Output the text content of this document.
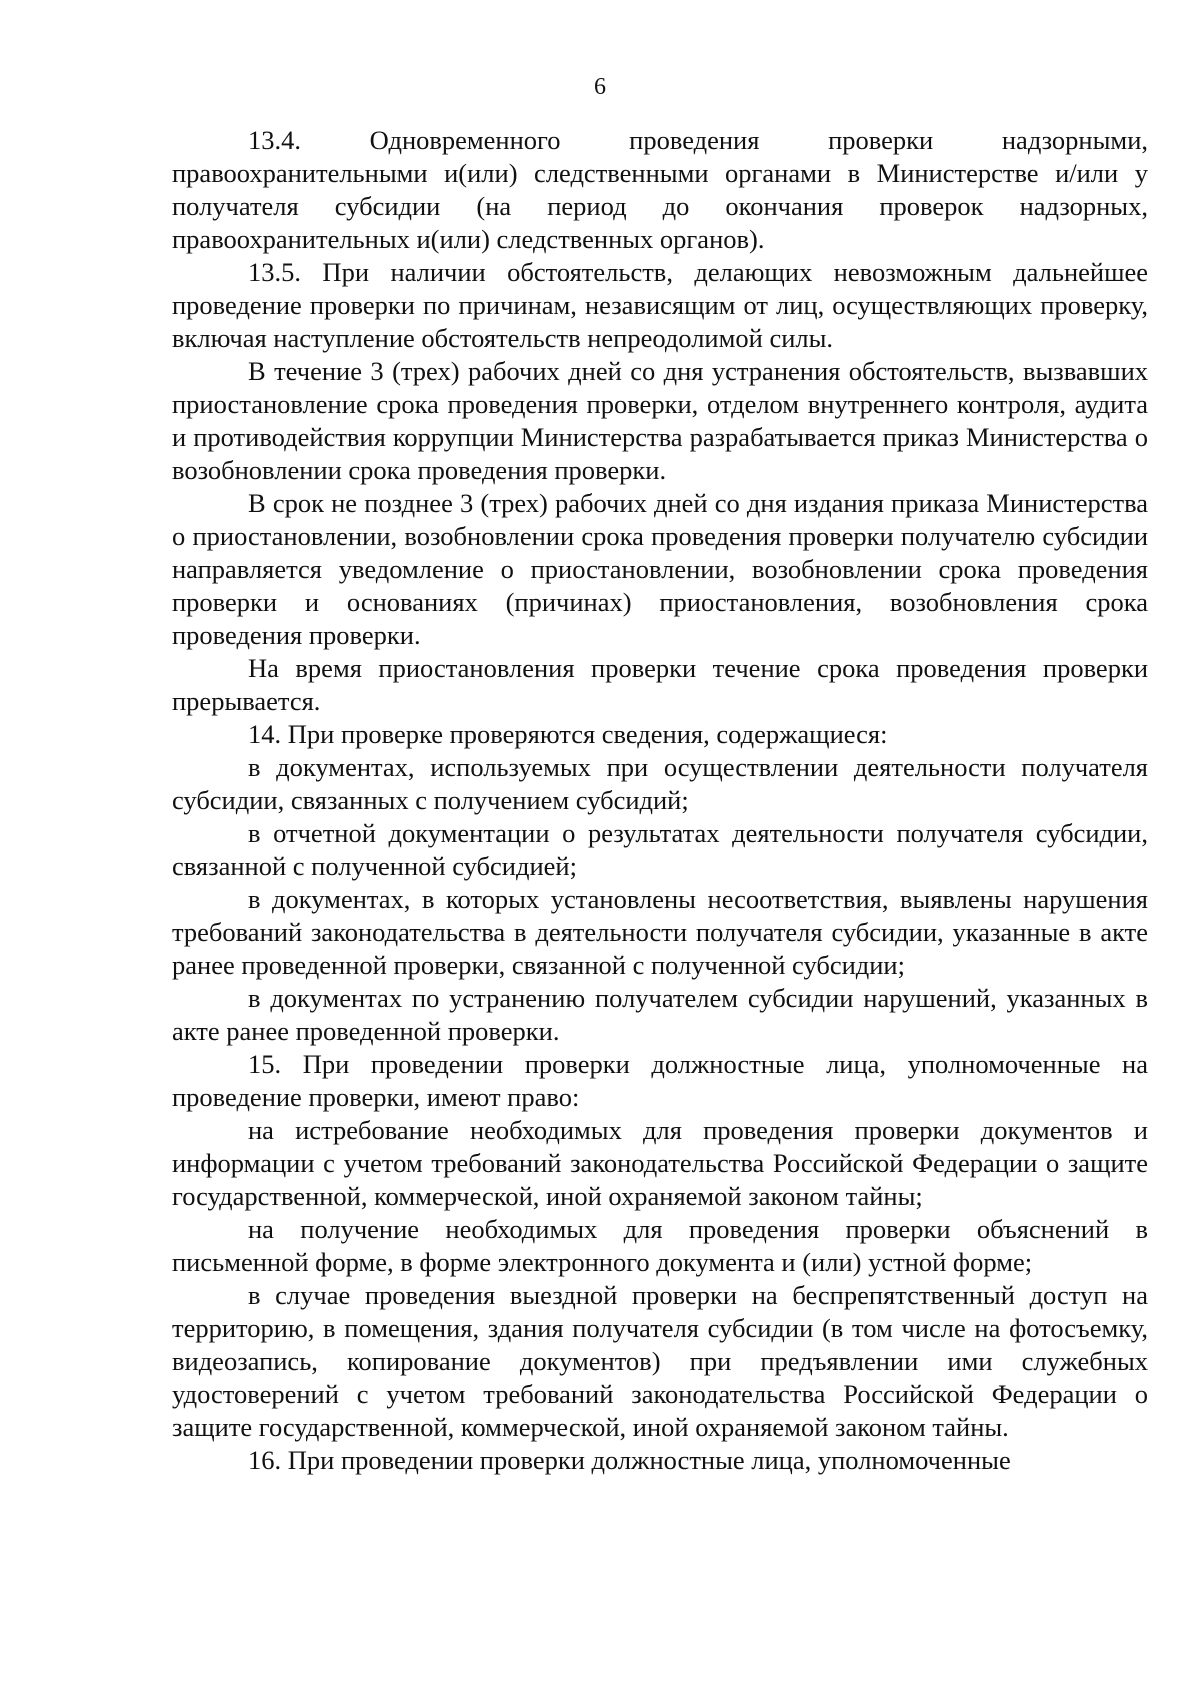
6

13.4. Одновременного проведения проверки надзорными, правоохранительными и(или) следственными органами в Министерстве и/или у получателя субсидии (на период до окончания проверок надзорных, правоохранительных и(или) следственных органов).

13.5. При наличии обстоятельств, делающих невозможным дальнейшее проведение проверки по причинам, независящим от лиц, осуществляющих проверку, включая наступление обстоятельств непреодолимой силы.

В течение 3 (трех) рабочих дней со дня устранения обстоятельств, вызвавших приостановление срока проведения проверки, отделом внутреннего контроля, аудита и противодействия коррупции Министерства разрабатывается приказ Министерства о возобновлении срока проведения проверки.

В срок не позднее 3 (трех) рабочих дней со дня издания приказа Министерства о приостановлении, возобновлении срока проведения проверки получателю субсидии направляется уведомление о приостановлении, возобновлении срока проведения проверки и основаниях (причинах) приостановления, возобновления срока проведения проверки.

На время приостановления проверки течение срока проведения проверки прерывается.

14. При проверке проверяются сведения, содержащиеся:

в документах, используемых при осуществлении деятельности получателя субсидии, связанных с получением субсидий;

в отчетной документации о результатах деятельности получателя субсидии, связанной с полученной субсидией;

в документах, в которых установлены несоответствия, выявлены нарушения требований законодательства в деятельности получателя субсидии, указанные в акте ранее проведенной проверки, связанной с полученной субсидии;

в документах по устранению получателем субсидии нарушений, указанных в акте ранее проведенной проверки.

15. При проведении проверки должностные лица, уполномоченные на проведение проверки, имеют право:

на истребование необходимых для проведения проверки документов и информации с учетом требований законодательства Российской Федерации о защите государственной, коммерческой, иной охраняемой законом тайны;

на получение необходимых для проведения проверки объяснений в письменной форме, в форме электронного документа и (или) устной форме;

в случае проведения выездной проверки на беспрепятственный доступ на территорию, в помещения, здания получателя субсидии (в том числе на фотосъемку, видеозапись, копирование документов) при предъявлении ими служебных удостоверений с учетом требований законодательства Российской Федерации о защите государственной, коммерческой, иной охраняемой законом тайны.

16. При проведении проверки должностные лица, уполномоченные
